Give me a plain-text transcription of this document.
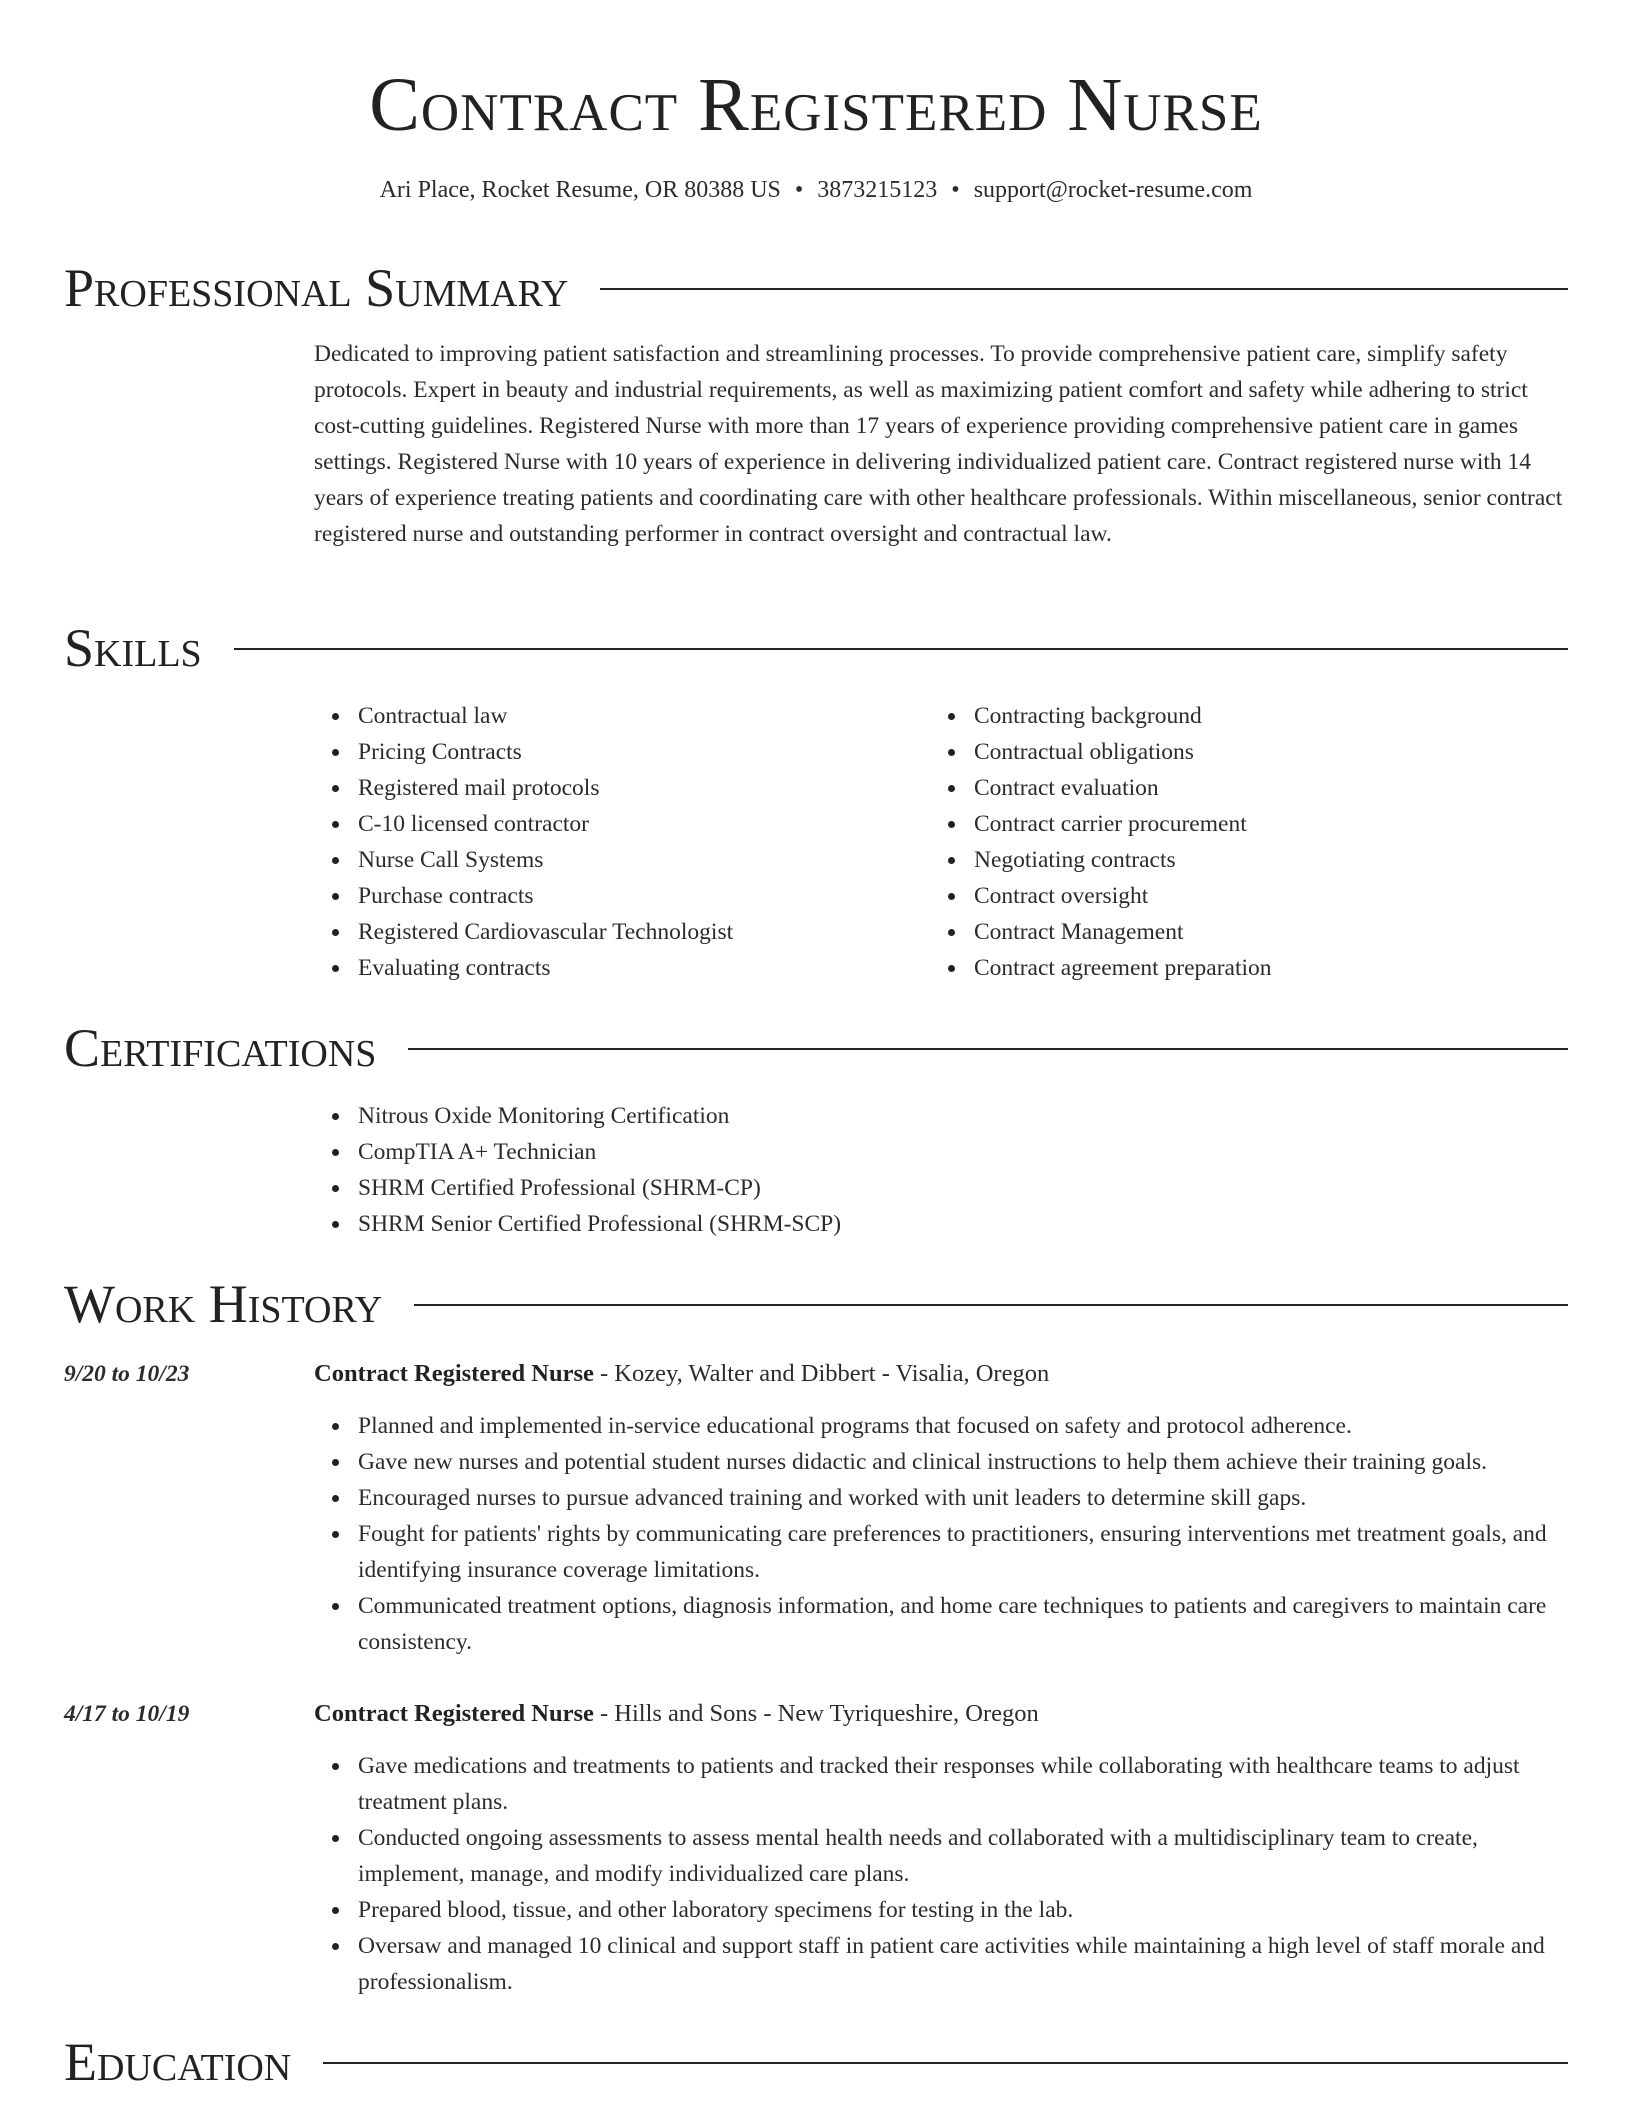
Contract Registered Nurse
Ari Place, Rocket Resume, OR 80388 US • 3873215123 • support@rocket-resume.com
Professional Summary

Dedicated to improving patient satisfaction and streamlining processes. To provide comprehensive patient care, simplify safety protocols. Expert in beauty and industrial requirements, as well as maximizing patient comfort and safety while adhering to strict cost-cutting guidelines. Registered Nurse with more than 17 years of experience providing comprehensive patient care in games settings. Registered Nurse with 10 years of experience in delivering individualized patient care. Contract registered nurse with 14 years of experience treating patients and coordinating care with other healthcare professionals. Within miscellaneous, senior contract registered nurse and outstanding performer in contract oversight and contractual law.

Skills
Contractual law
Pricing Contracts
Registered mail protocols
C-10 licensed contractor
Nurse Call Systems
Purchase contracts
Registered Cardiovascular Technologist
Evaluating contracts
Contracting background
Contractual obligations
Contract evaluation
Contract carrier procurement
Negotiating contracts
Contract oversight
Contract Management
Contract agreement preparation
Certifications
Nitrous Oxide Monitoring Certification
CompTIA A+ Technician
SHRM Certified Professional (SHRM-CP)
SHRM Senior Certified Professional (SHRM-SCP)
Work History
9/20 to 10/23	Contract Registered Nurse - Kozey, Walter and Dibbert - Visalia, Oregon
Planned and implemented in-service educational programs that focused on safety and protocol adherence.
Gave new nurses and potential student nurses didactic and clinical instructions to help them achieve their training goals.
Encouraged nurses to pursue advanced training and worked with unit leaders to determine skill gaps.
Fought for patients' rights by communicating care preferences to practitioners, ensuring interventions met treatment goals, and identifying insurance coverage limitations.
Communicated treatment options, diagnosis information, and home care techniques to patients and caregivers to maintain care consistency.
4/17 to 10/19	Contract Registered Nurse - Hills and Sons - New Tyriqueshire, Oregon
Gave medications and treatments to patients and tracked their responses while collaborating with healthcare teams to adjust treatment plans.
Conducted ongoing assessments to assess mental health needs and collaborated with a multidisciplinary team to create, implement, manage, and modify individualized care plans.
Prepared blood, tissue, and other laboratory specimens for testing in the lab.
Oversaw and managed 10 clinical and support staff in patient care activities while maintaining a high level of staff morale and professionalism.
Education
